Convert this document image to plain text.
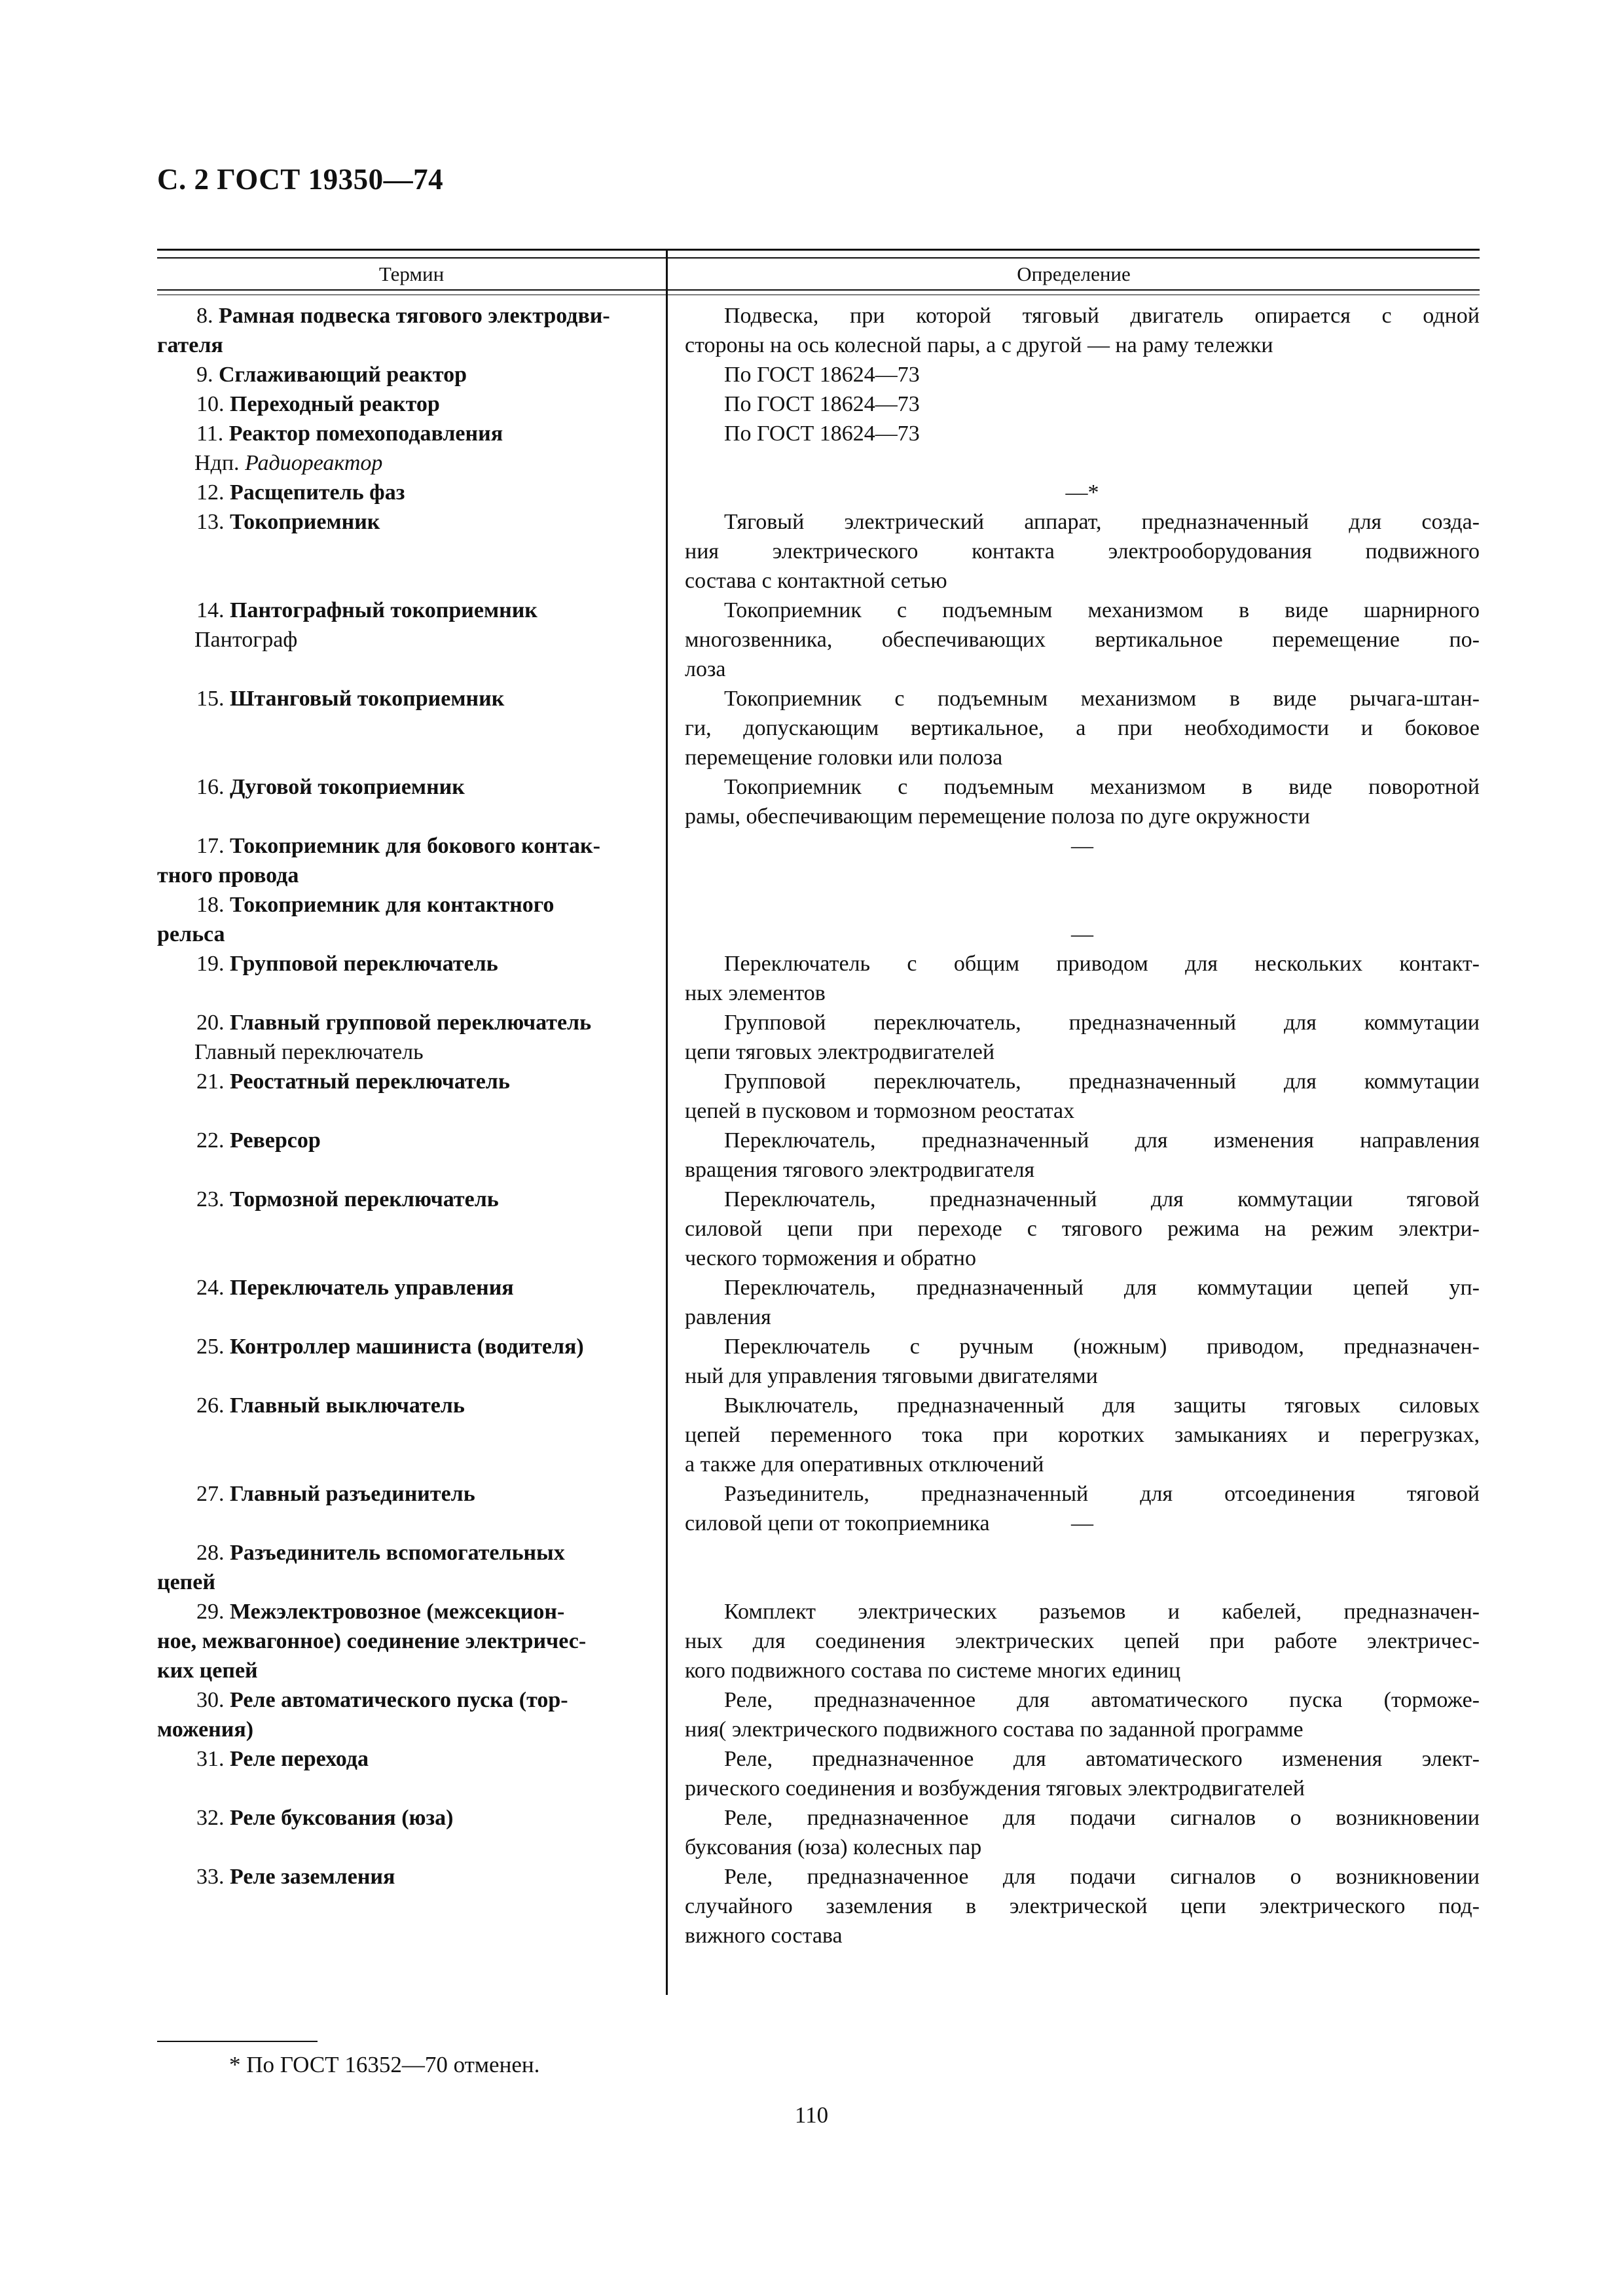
С. 2 ГОСТ 19350—74
Термин	Определение
8. Рамная подвеска тягового электродви-
гателя
9. Сглаживающий реактор
10. Переходный реактор
11. Реактор помехоподавления
Ндп. Радиореактор
12. Расщепитель фаз
13. Токоприемник
14. Пантографный токоприемник
Пантограф
15. Штанговый токоприемник
16. Дуговой токоприемник
17. Токоприемник для бокового контак-
тного провода
18. Токоприемник для контактного
рельса
19. Групповой переключатель
20. Главный групповой переключатель
Главный переключатель
21. Реостатный переключатель
22. Реверсор
23. Тормозной переключатель
24. Переключатель управления
25. Контроллер машиниста (водителя)
26. Главный выключатель
27. Главный разъединитель
28. Разъединитель вспомогательных
цепей
29. Межэлектровозное (межсекцион-
ное, межвагонное) соединение электричес-
ких цепей
30. Реле автоматического пуска (тор-
можения)
31. Реле перехода
32. Реле буксования (юза)
33. Реле заземления
Подвеска, при которой тяговый двигатель опирается с одной
стороны на ось колесной пары, а с другой — на раму тележки
По ГОСТ 18624—73
По ГОСТ 18624—73
По ГОСТ 18624—73
—*
Тяговый электрический аппарат, предназначенный для созда-
ния электрического контакта электрооборудования подвижного
состава с контактной сетью
Токоприемник с подъемным механизмом в виде шарнирного
многозвенника, обеспечивающих вертикальное перемещение по-
лоза
Токоприемник с подъемным механизмом в виде рычага-штан-
ги, допускающим вертикальное, а при необходимости и боковое
перемещение головки или полоза
Токоприемник с подъемным механизмом в виде поворотной
рамы, обеспечивающим перемещение полоза по дуге окружности
—
—
Переключатель с общим приводом для нескольких контакт-
ных элементов
Групповой переключатель, предназначенный для коммутации
цепи тяговых электродвигателей
Групповой переключатель, предназначенный для коммутации
цепей в пусковом и тормозном реостатах
Переключатель, предназначенный для изменения направления
вращения тягового электродвигателя
Переключатель, предназначенный для коммутации тяговой
силовой цепи при переходе с тягового режима на режим электри-
ческого торможения и обратно
Переключатель, предназначенный для коммутации цепей уп-
равления
Переключатель с ручным (ножным) приводом, предназначен-
ный для управления тяговыми двигателями
Выключатель, предназначенный для защиты тяговых силовых
цепей переменного тока при коротких замыканиях и перегрузках,
а также для оперативных отключений
Разъединитель, предназначенный для отсоединения тяговой
силовой цепи от токоприемника	—
Комплект электрических разъемов и кабелей, предназначен-
ных для соединения электрических цепей при работе электричес-
кого подвижного состава по системе многих единиц
Реле, предназначенное для автоматического пуска (торможе-
ния( электрического подвижного состава по заданной программе
Реле, предназначенное для автоматического изменения элект-
рического соединения и возбуждения тяговых электродвигателей
Реле, предназначенное для подачи сигналов о возникновении
буксования (юза) колесных пар
Реле, предназначенное для подачи сигналов о возникновении
случайного заземления в электрической цепи электрического под-
вижного состава
* По ГОСТ 16352—70 отменен.
110
